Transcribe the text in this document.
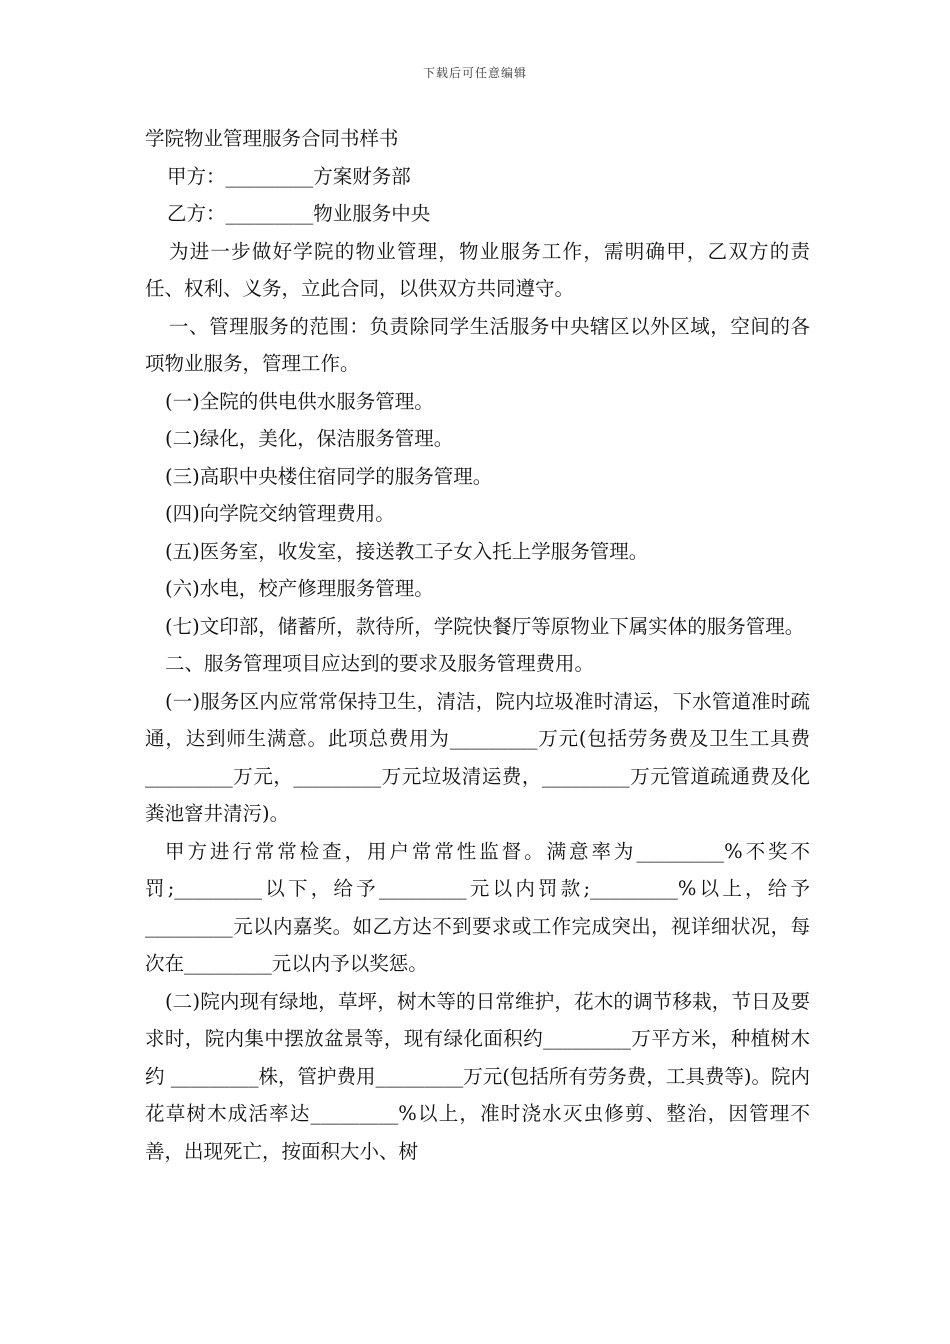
下载后可任意编辑

学院物业管理服务合同书样书

甲方：_________方案财务部

乙方：_________物业服务中央

为进一步做好学院的物业管理，物业服务工作，需明确甲，乙双方的责任、权利、义务，立此合同，以供双方共同遵守。

一、管理服务的范围：负责除同学生活服务中央辖区以外区域，空间的各项物业服务，管理工作。

(一)全院的供电供水服务管理。

(二)绿化，美化，保洁服务管理。

(三)高职中央楼住宿同学的服务管理。

(四)向学院交纳管理费用。

(五)医务室，收发室，接送教工子女入托上学服务管理。

(六)水电，校产修理服务管理。

(七)文印部，储蓄所，款待所，学院快餐厅等原物业下属实体的服务管理。

二、服务管理项目应达到的要求及服务管理费用。

(一)服务区内应常常保持卫生，清洁，院内垃圾准时清运，下水管道准时疏通，达到师生满意。此项总费用为_________万元(包括劳务费及卫生工具费_________万元，_________万元垃圾清运费，_________万元管道疏通费及化粪池窨井清污)。

甲方进行常常检查，用户常常性监督。满意率为_________%不奖不罚;_________以下，给予_________元以内罚款;_________%以上，给予_________元以内嘉奖。如乙方达不到要求或工作完成突出，视详细状况，每次在_________元以内予以奖惩。

(二)院内现有绿地，草坪，树木等的日常维护，花木的调节移栽，节日及要求时，院内集中摆放盆景等，现有绿化面积约_________万平方米，种植树木约 _________株，管护费用_________万元(包括所有劳务费，工具费等)。院内花草树木成活率达_________%以上，准时浇水灭虫修剪、整治，因管理不善，出现死亡，按面积大小、树
